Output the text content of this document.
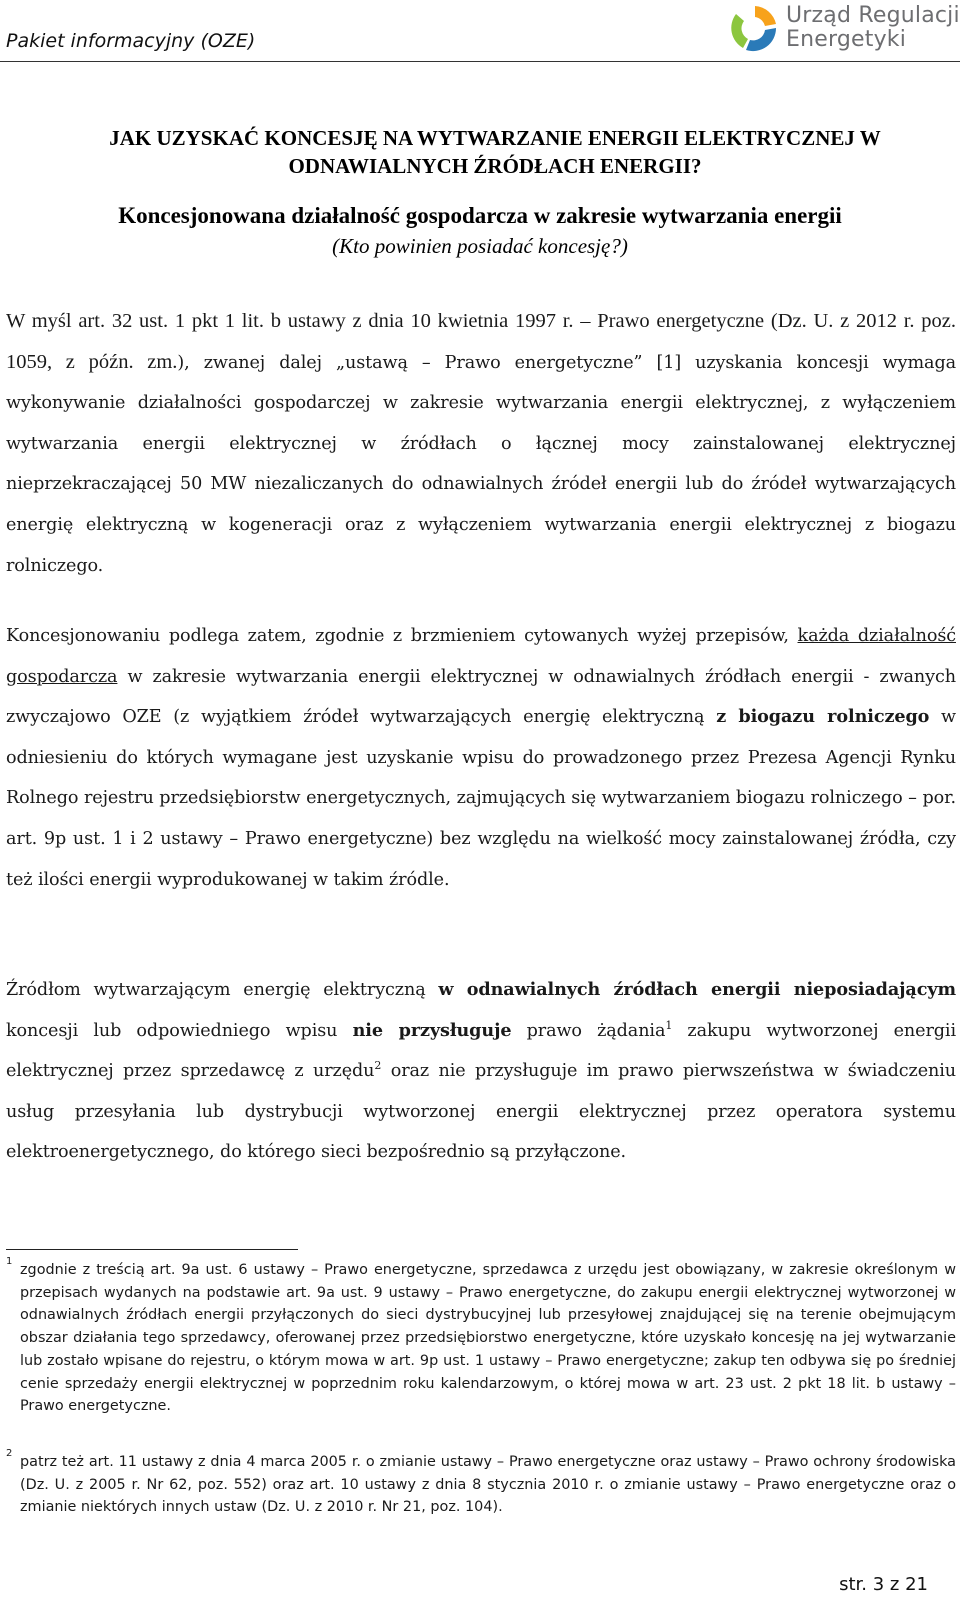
Pakiet informacyjny (OZE)
Urząd Regulacji
Energetyki
JAK UZYSKAĆ KONCESJĘ NA WYTWARZANIE ENERGII ELEKTRYCZNEJ W ODNAWIALNYCH ŹRÓDŁACH ENERGII?
Koncesjonowana działalność gospodarcza w zakresie wytwarzania energii
(Kto powinien posiadać koncesję?)

W myśl art. 32 ust. 1 pkt 1 lit. b ustawy z dnia 10 kwietnia 1997 r. – Prawo energetyczne (Dz. U. z 2012 r. poz. 1059, z późn. zm.), zwanej dalej „ustawą – Prawo energetyczne” [1] uzyskania koncesji wymaga wykonywanie działalności gospodarczej w zakresie wytwarzania energii elektrycznej, z wyłączeniem wytwarzania energii elektrycznej w źródłach o łącznej mocy zainstalowanej elektrycznej nieprzekraczającej 50 MW niezaliczanych do odnawialnych źródeł energii lub do źródeł wytwarzających energię elektryczną w kogeneracji oraz z wyłączeniem wytwarzania energii elektrycznej z biogazu rolniczego.

Koncesjonowaniu podlega zatem, zgodnie z brzmieniem cytowanych wyżej przepisów, każda działalność gospodarcza w zakresie wytwarzania energii elektrycznej w odnawialnych źródłach energii - zwanych zwyczajowo OZE (z wyjątkiem źródeł wytwarzających energię elektryczną z biogazu rolniczego w odniesieniu do których wymagane jest uzyskanie wpisu do prowadzonego przez Prezesa Agencji Rynku Rolnego rejestru przedsiębiorstw energetycznych, zajmujących się wytwarzaniem biogazu rolniczego – por. art. 9p ust. 1 i 2 ustawy – Prawo energetyczne) bez względu na wielkość mocy zainstalowanej źródła, czy też ilości energii wyprodukowanej w takim źródle.

Źródłom wytwarzającym energię elektryczną w odnawialnych źródłach energii nieposiadającym koncesji lub odpowiedniego wpisu nie przysługuje prawo żądania$^1$ zakupu wytworzonej energii elektrycznej przez sprzedawcę z urzędu$^2$ oraz nie przysługuje im prawo pierwszeństwa w świadczeniu usług przesyłania lub dystrybucji wytworzonej energii elektrycznej przez operatora systemu elektroenergetycznego, do którego sieci bezpośrednio są przyłączone.

1
zgodnie z treścią art. 9a ust. 6 ustawy – Prawo energetyczne, sprzedawca z urzędu jest obowiązany, w zakresie określonym w przepisach wydanych na podstawie art. 9a ust. 9 ustawy – Prawo energetyczne, do zakupu energii elektrycznej wytworzonej w odnawialnych źródłach energii przyłączonych do sieci dystrybucyjnej lub przesyłowej znajdującej się na terenie obejmującym obszar działania tego sprzedawcy, oferowanej przez przedsiębiorstwo energetyczne, które uzyskało koncesję na jej wytwarzanie lub zostało wpisane do rejestru, o którym mowa w art. 9p ust. 1 ustawy – Prawo energetyczne; zakup ten odbywa się po średniej cenie sprzedaży energii elektrycznej w poprzednim roku kalendarzowym, o której mowa w art. 23 ust. 2 pkt 18 lit. b ustawy – Prawo energetyczne.
2
patrz też art. 11 ustawy z dnia 4 marca 2005 r. o zmianie ustawy – Prawo energetyczne oraz ustawy – Prawo ochrony środowiska (Dz. U. z 2005 r. Nr 62, poz. 552) oraz art. 10 ustawy z dnia 8 stycznia 2010 r. o zmianie ustawy – Prawo energetyczne oraz o zmianie niektórych innych ustaw (Dz. U. z 2010 r. Nr 21, poz. 104).
str. 3 z 21
